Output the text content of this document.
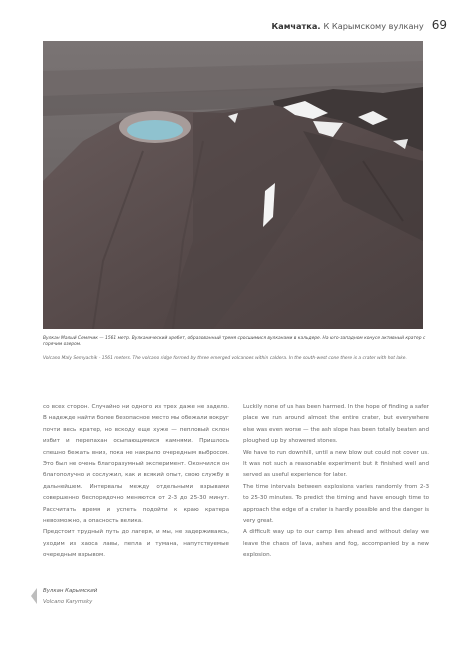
Камчатка. К Карымскому вулкану 69
Вулкан Малый Семячик — 1561 метр. Вулканический хребет, образованный тремя сросшимися вулканами в кальдере. На юго-западном конусе активный кратер с горячим озером.
Volcano Maly Semyachik - 1561 meters. The volcano ridge formed by three emerged volcanoes within caldera. In the south-west cone there is a crater with hot lake.

со всех сторон. Случайно ни одного из трех даже не задело. В надежде найти более безопасное место мы обежали вокруг почти весь кратер, но вскоду еще хуже — пепловый склон избит и перепахан осыпающимися камнями. Пришлось спешно бежать вниз, пока не накрыло очередным выбросом. Это был не очень благоразумный эксперимент. Окончился он благополучно и сослужил, как и всякий опыт, свою службу в дальнейшем. Интервалы между отдельными взрывами совершенно беспорядочно меняются от 2-3 до 25-30 минут. Рассчитать время и успеть подойти к краю кратера невозможно, а опасность велика.

Предстоит трудный путь до лагеря, и мы, не задерживаясь, уходим из хаоса лавы, пепла и тумана, напутствуемые очередным взрывом.

Luckily none of us has been harmed. In the hope of finding a safer place we run around almost the entire crater, but everywhere else was even worse — the ash slope has been totally beaten and ploughed up by showered stones.

We have to run downhill, until a new blow out could not cover us. It was not such a reasonable experiment but it finished well and served as useful experience for later.

The time intervals between explosions varies randomly from 2-3 to 25-30 minutes. To predict the timing and have enough time to approach the edge of a crater is hardly possible and the danger is very great.

A difficult way up to our camp lies ahead and without delay we leave the chaos of lava, ashes and fog, accompanied by a new explosion.

Вулкан Карымский
Volcano Karymsky
